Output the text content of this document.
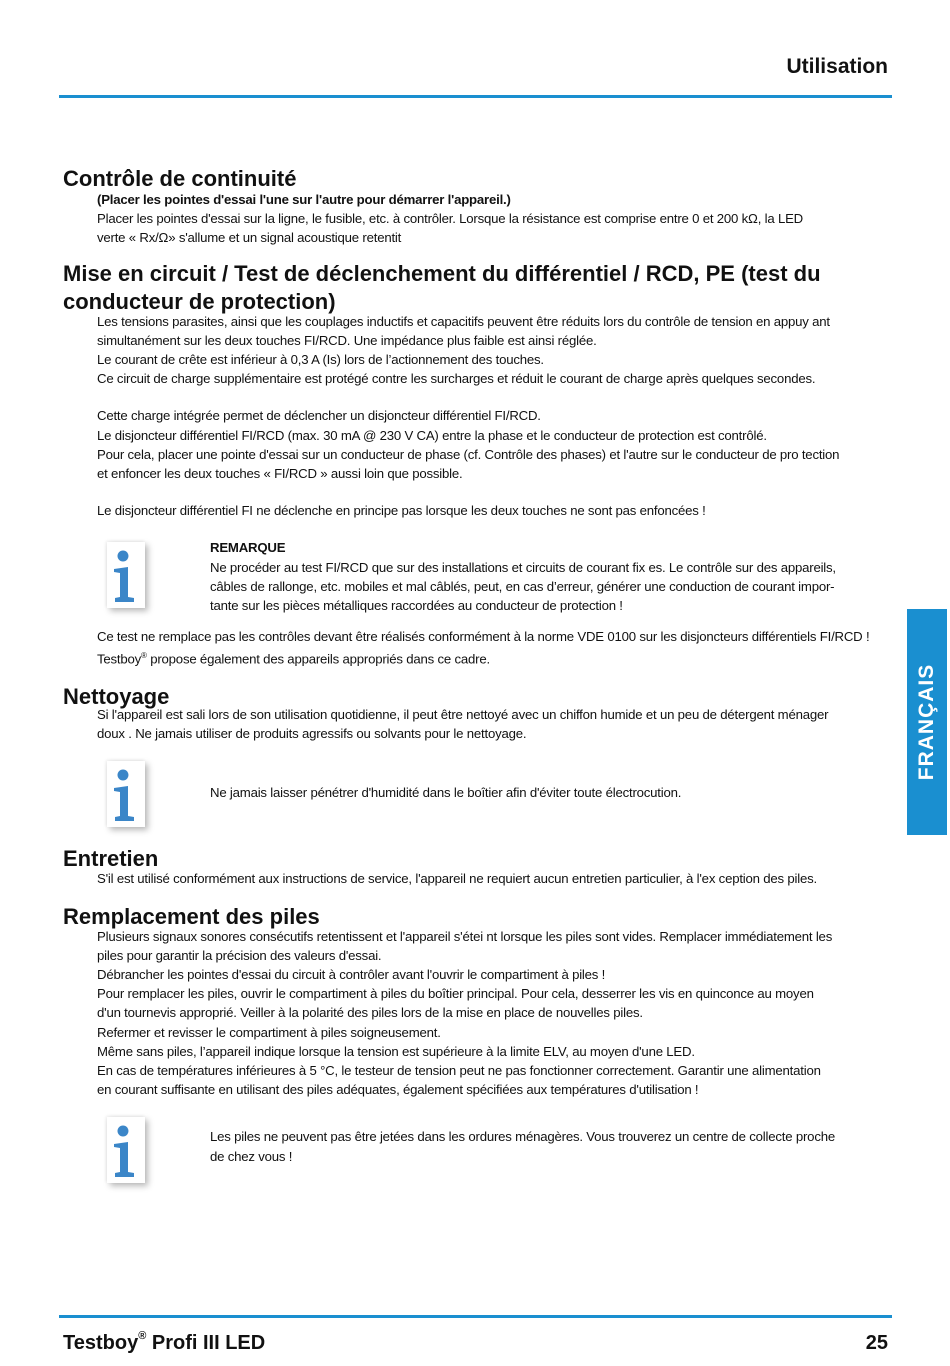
Utilisation
FRANÇAIS
Contrôle de continuité

(Placer les pointes d'essai l'une sur l'autre pour démarrer l'appareil.)

Placer les pointes d'essai sur la ligne, le fusible, etc. à contrôler. Lorsque la résistance est comprise entre 0 et 200 kΩ, la LED

verte « Rx/Ω» s'allume et un signal acoustique retentit

Mise en circuit / Test de déclenchement du différentiel / RCD, PE (test du
conducteur de protection)

Les tensions parasites, ainsi que les couplages inductifs et capacitifs peuvent être réduits lors du contrôle de tension en appuy ant

simultanément sur les deux touches FI/RCD. Une impédance plus faible est ainsi réglée.

Le courant de crête est inférieur à 0,3 A (Is) lors de l’actionnement des touches.

Ce circuit de charge supplémentaire est protégé contre les surcharges et réduit le courant de charge après quelques secondes.

Cette charge intégrée permet de déclencher un disjoncteur différentiel FI/RCD.

Le disjoncteur différentiel FI/RCD (max. 30 mA @ 230 V CA) entre la phase et le conducteur de protection est contrôlé.

Pour cela, placer une pointe d'essai sur un conducteur de phase (cf. Contrôle des phases) et l'autre sur le conducteur de pro tection

et enfoncer les deux touches « FI/RCD » aussi loin que possible.

Le disjoncteur différentiel FI ne déclenche en principe pas lorsque les deux touches ne sont pas enfoncées !

REMARQUE

Ne procéder au test FI/RCD que sur des installations et circuits de courant fix es. Le contrôle sur des appareils,

câbles de rallonge, etc. mobiles et mal câblés, peut, en cas d’erreur, générer une conduction de courant impor-

tante sur les pièces métalliques raccordées au conducteur de protection !

Ce test ne remplace pas les contrôles devant être réalisés conformément à la norme VDE 0100 sur les disjoncteurs différentiels FI/RCD !

Testboy® propose également des appareils appropriés dans ce cadre.

Nettoyage

Si l'appareil est sali lors de son utilisation quotidienne, il peut être nettoyé avec un chiffon humide et un peu de détergent ménager

doux . Ne jamais utiliser de produits agressifs ou solvants pour le nettoyage.

Ne jamais laisser pénétrer d'humidité dans le boîtier afin d'éviter toute électrocution.

Entretien

S'il est utilisé conformément aux instructions de service, l'appareil ne requiert aucun entretien particulier, à l'ex ception des piles.

Remplacement des piles

Plusieurs signaux sonores consécutifs retentissent et l'appareil s'étei nt lorsque les piles sont vides. Remplacer immédiatement les

piles pour garantir la précision des valeurs d'essai.

Débrancher les pointes d'essai du circuit à contrôler avant l'ouvrir le compartiment à piles !

Pour remplacer les piles, ouvrir le compartiment à piles du boîtier principal. Pour cela, desserrer les vis en quinconce au moyen

d'un tournevis approprié. Veiller à la polarité des piles lors de la mise en place de nouvelles piles.

Refermer et revisser le compartiment à piles soigneusement.

Même sans piles, l’appareil indique lorsque la tension est supérieure à la limite ELV, au moyen d'une LED.

En cas de températures inférieures à 5 °C, le testeur de tension peut ne pas fonctionner correctement. Garantir une alimentation

en courant suffisante en utilisant des piles adéquates, également spécifiées aux températures d'utilisation !

Les piles ne peuvent pas être jetées dans les ordures ménagères. Vous trouverez un centre de collecte proche

de chez vous !

Testboy® Profi III LED	25
